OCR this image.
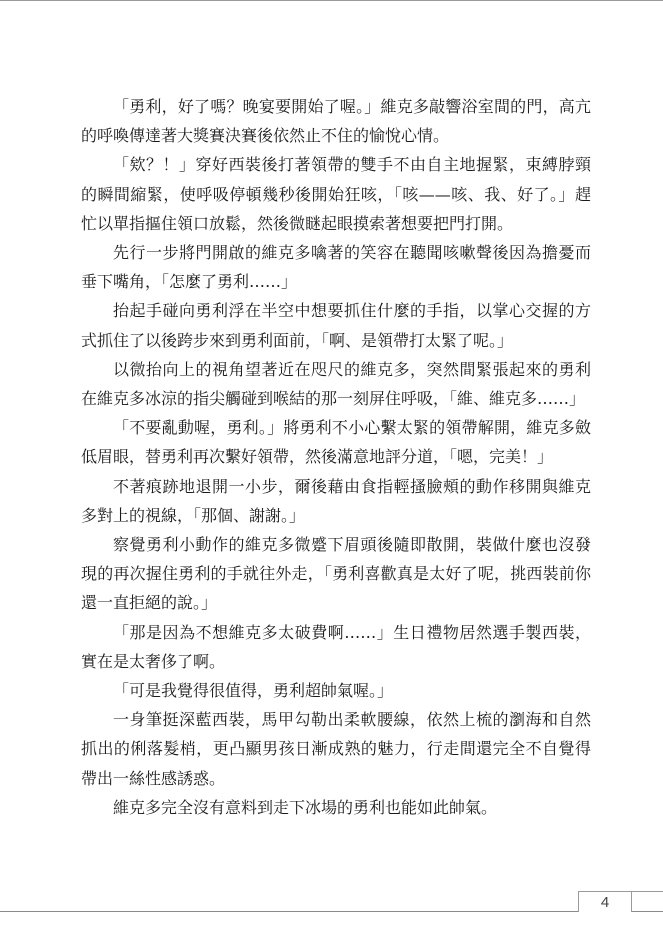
「勇利，好了嗎？晚宴要開始了喔。」維克多敲響浴室間的門，高亢的呼喚傳達著大獎賽決賽後依然止不住的愉悅心情。

「欸？！」穿好西裝後打著領帶的雙手不由自主地握緊，束縛脖頸的瞬間縮緊，使呼吸停頓幾秒後開始狂咳，「咳——咳、我、好了。」趕忙以單指摳住領口放鬆，然後微瞇起眼摸索著想要把門打開。

先行一步將門開啟的維克多噙著的笑容在聽聞咳嗽聲後因為擔憂而垂下嘴角，「怎麼了勇利……」

抬起手碰向勇利浮在半空中想要抓住什麼的手指，以掌心交握的方式抓住了以後跨步來到勇利面前，「啊、是領帶打太緊了呢。」

以微抬向上的視角望著近在咫尺的維克多，突然間緊張起來的勇利在維克多冰涼的指尖觸碰到喉結的那一刻屏住呼吸，「維、維克多……」

「不要亂動喔，勇利。」將勇利不小心繫太緊的領帶解開，維克多斂低眉眼，替勇利再次繫好領帶，然後滿意地評分道，「嗯，完美！」

不著痕跡地退開一小步，爾後藉由食指輕搔臉頰的動作移開與維克多對上的視線，「那個、謝謝。」

察覺勇利小動作的維克多微蹙下眉頭後隨即散開，裝做什麼也沒發現的再次握住勇利的手就往外走，「勇利喜歡真是太好了呢，挑西裝前你還一直拒絕的說。」

「那是因為不想維克多太破費啊……」生日禮物居然選手製西裝，實在是太奢侈了啊。

「可是我覺得很值得，勇利超帥氣喔。」

一身筆挺深藍西裝，馬甲勾勒出柔軟腰線，依然上梳的瀏海和自然抓出的俐落髮梢，更凸顯男孩日漸成熟的魅力，行走間還完全不自覺得帶出一絲性感誘惑。

維克多完全沒有意料到走下冰場的勇利也能如此帥氣。

4
